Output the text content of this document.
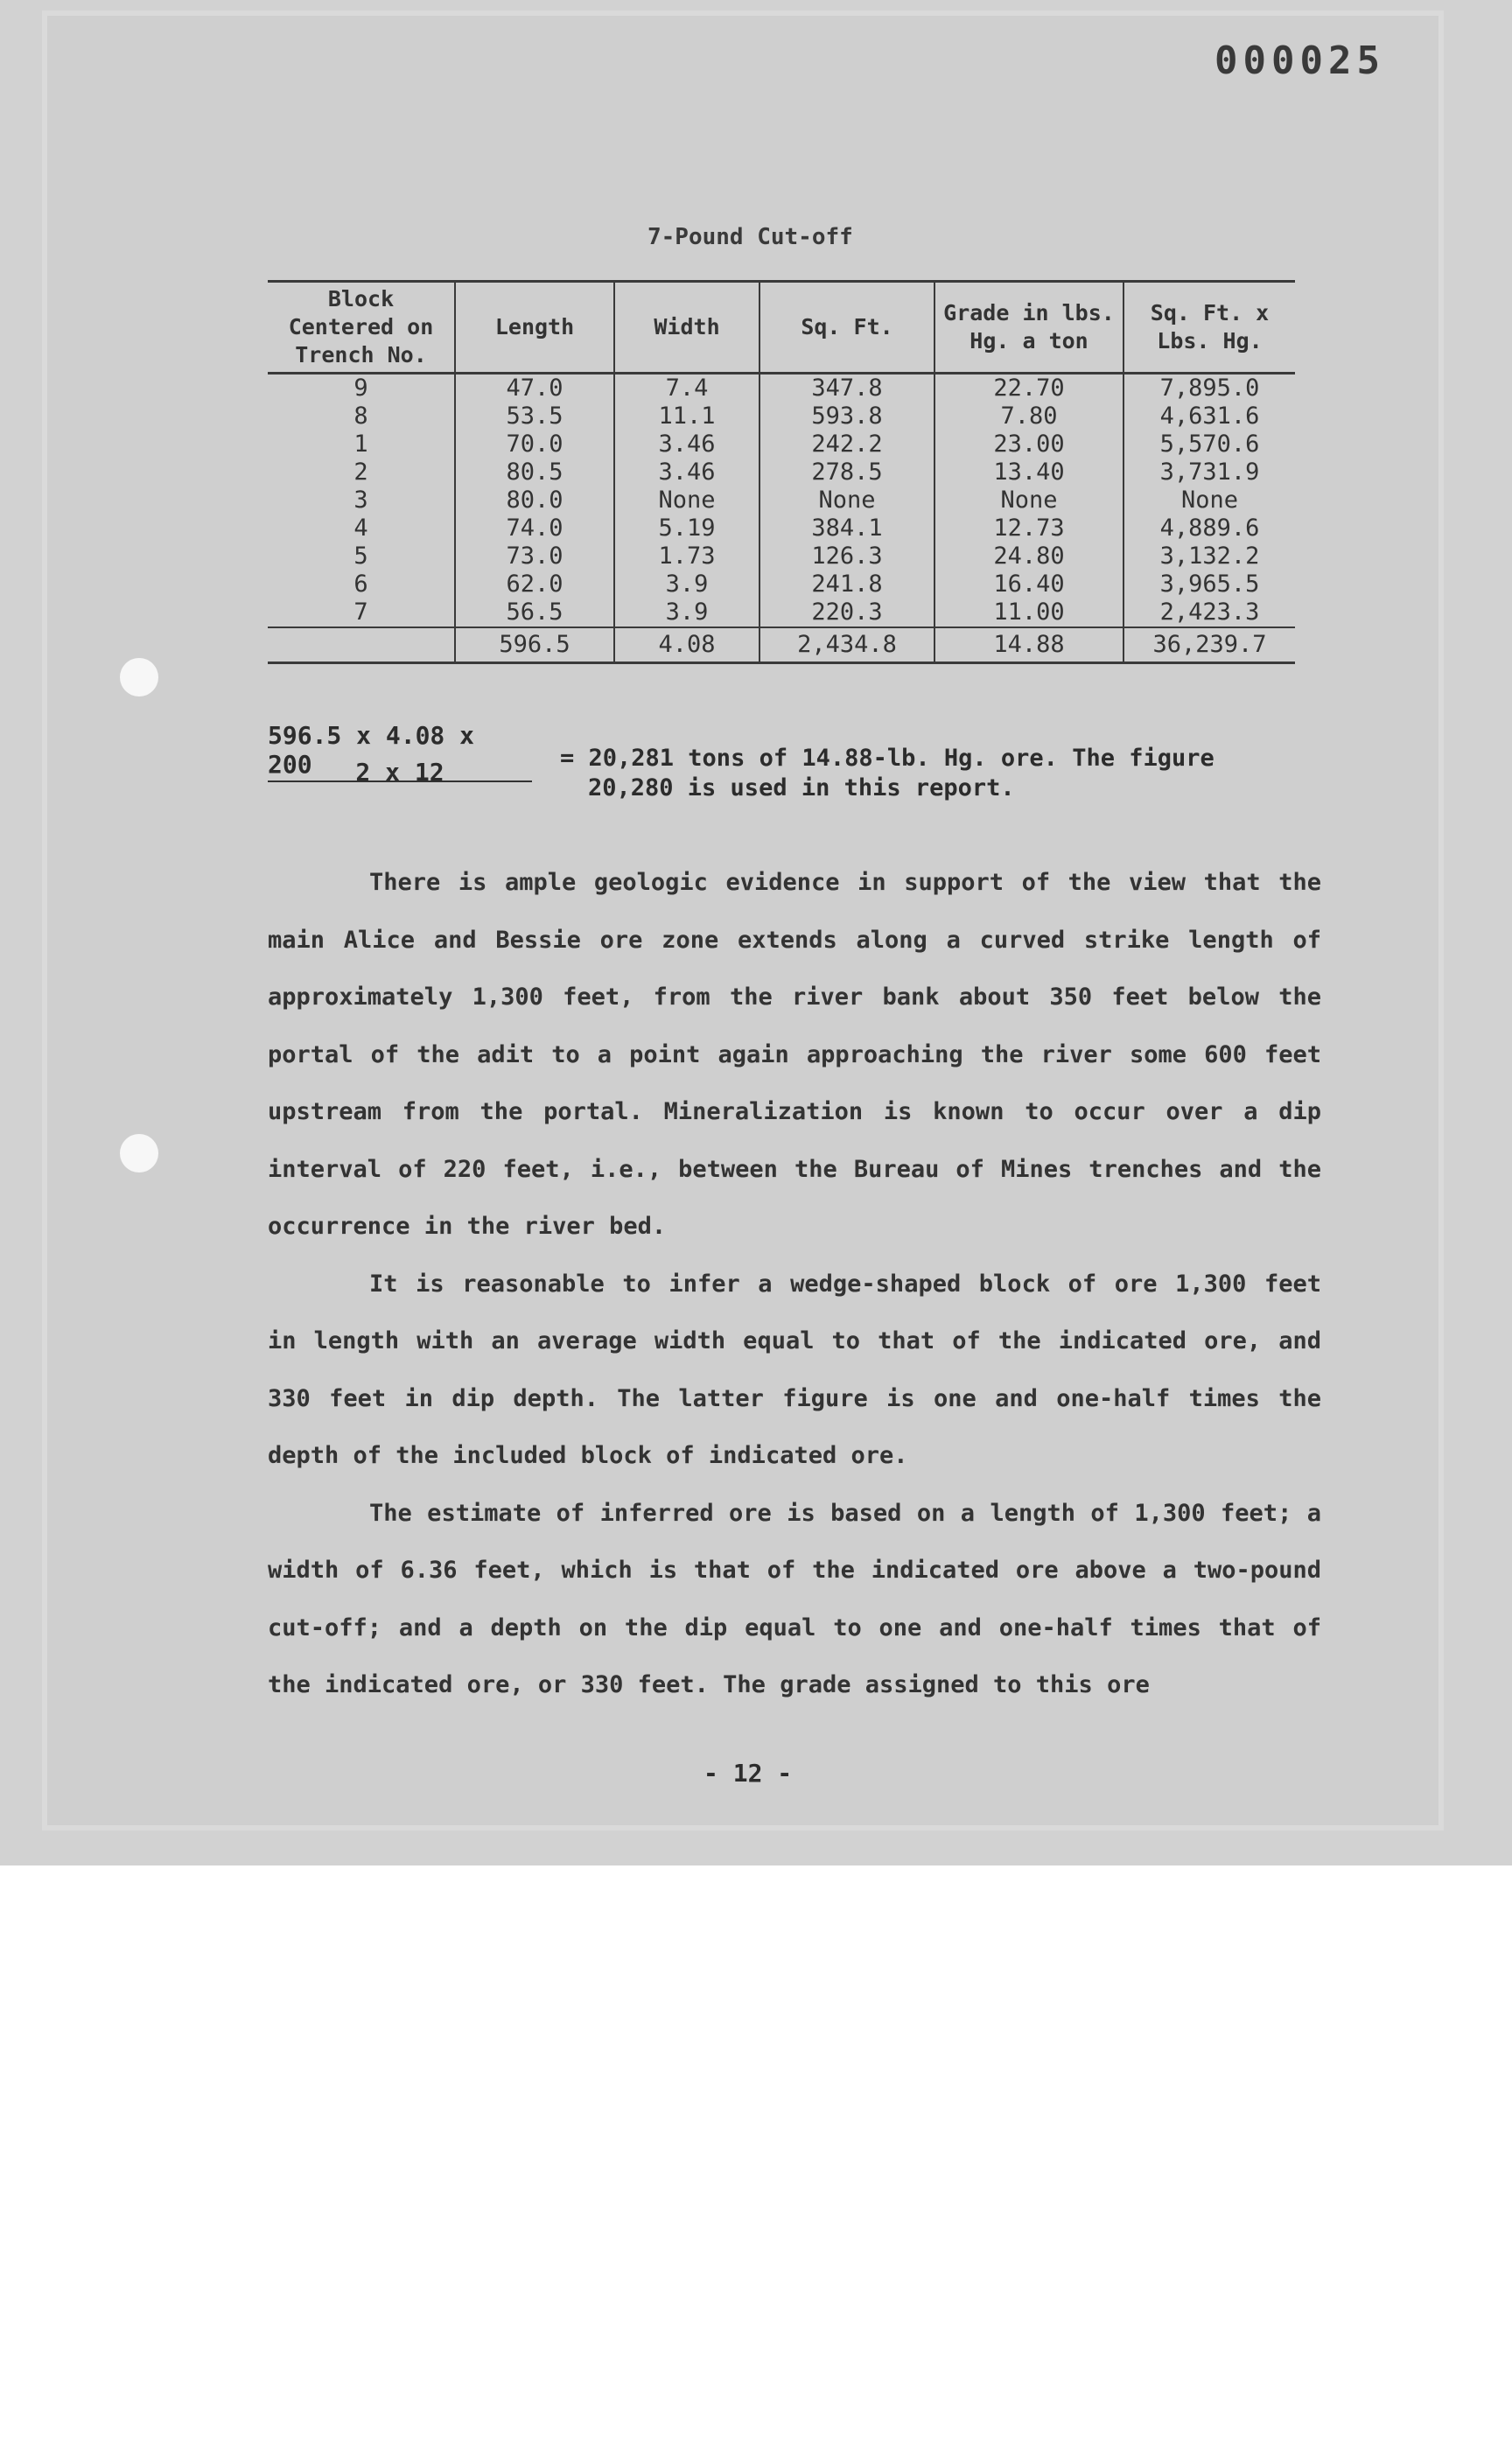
000025
7-Pound Cut-off
Block Centered on Trench No.	Length	Width	Sq. Ft.	Grade in lbs. Hg. a ton	Sq. Ft. x Lbs. Hg.
9	47.0	7.4	347.8	22.70	7,895.0
8	53.5	11.1	593.8	7.80	4,631.6
1	70.0	3.46	242.2	23.00	5,570.6
2	80.5	3.46	278.5	13.40	3,731.9
3	80.0	None	None	None	None
4	74.0	5.19	384.1	12.73	4,889.6
5	73.0	1.73	126.3	24.80	3,132.2
6	62.0	3.9	241.8	16.40	3,965.5
7	56.5	3.9	220.3	11.00	2,423.3
	596.5	4.08	2,434.8	14.88	36,239.7
596.5 x 4.08 x 200	2 x 12	= 20,281 tons of 14.88-lb. Hg. ore. The figure
20,280 is used in this report.

There is ample geologic evidence in support of the view that the main Alice and Bessie ore zone extends along a curved strike length of approximately 1,300 feet, from the river bank about 350 feet below the portal of the adit to a point again approaching the river some 600 feet upstream from the portal. Mineralization is known to occur over a dip interval of 220 feet, i.e., between the Bureau of Mines trenches and the occurrence in the river bed.

It is reasonable to infer a wedge-shaped block of ore 1,300 feet in length with an average width equal to that of the indicated ore, and 330 feet in dip depth. The latter figure is one and one-half times the depth of the included block of indicated ore.

The estimate of inferred ore is based on a length of 1,300 feet; a width of 6.36 feet, which is that of the indicated ore above a two-pound cut-off; and a depth on the dip equal to one and one-half times that of the indicated ore, or 330 feet. The grade assigned to this ore

- 12 -
